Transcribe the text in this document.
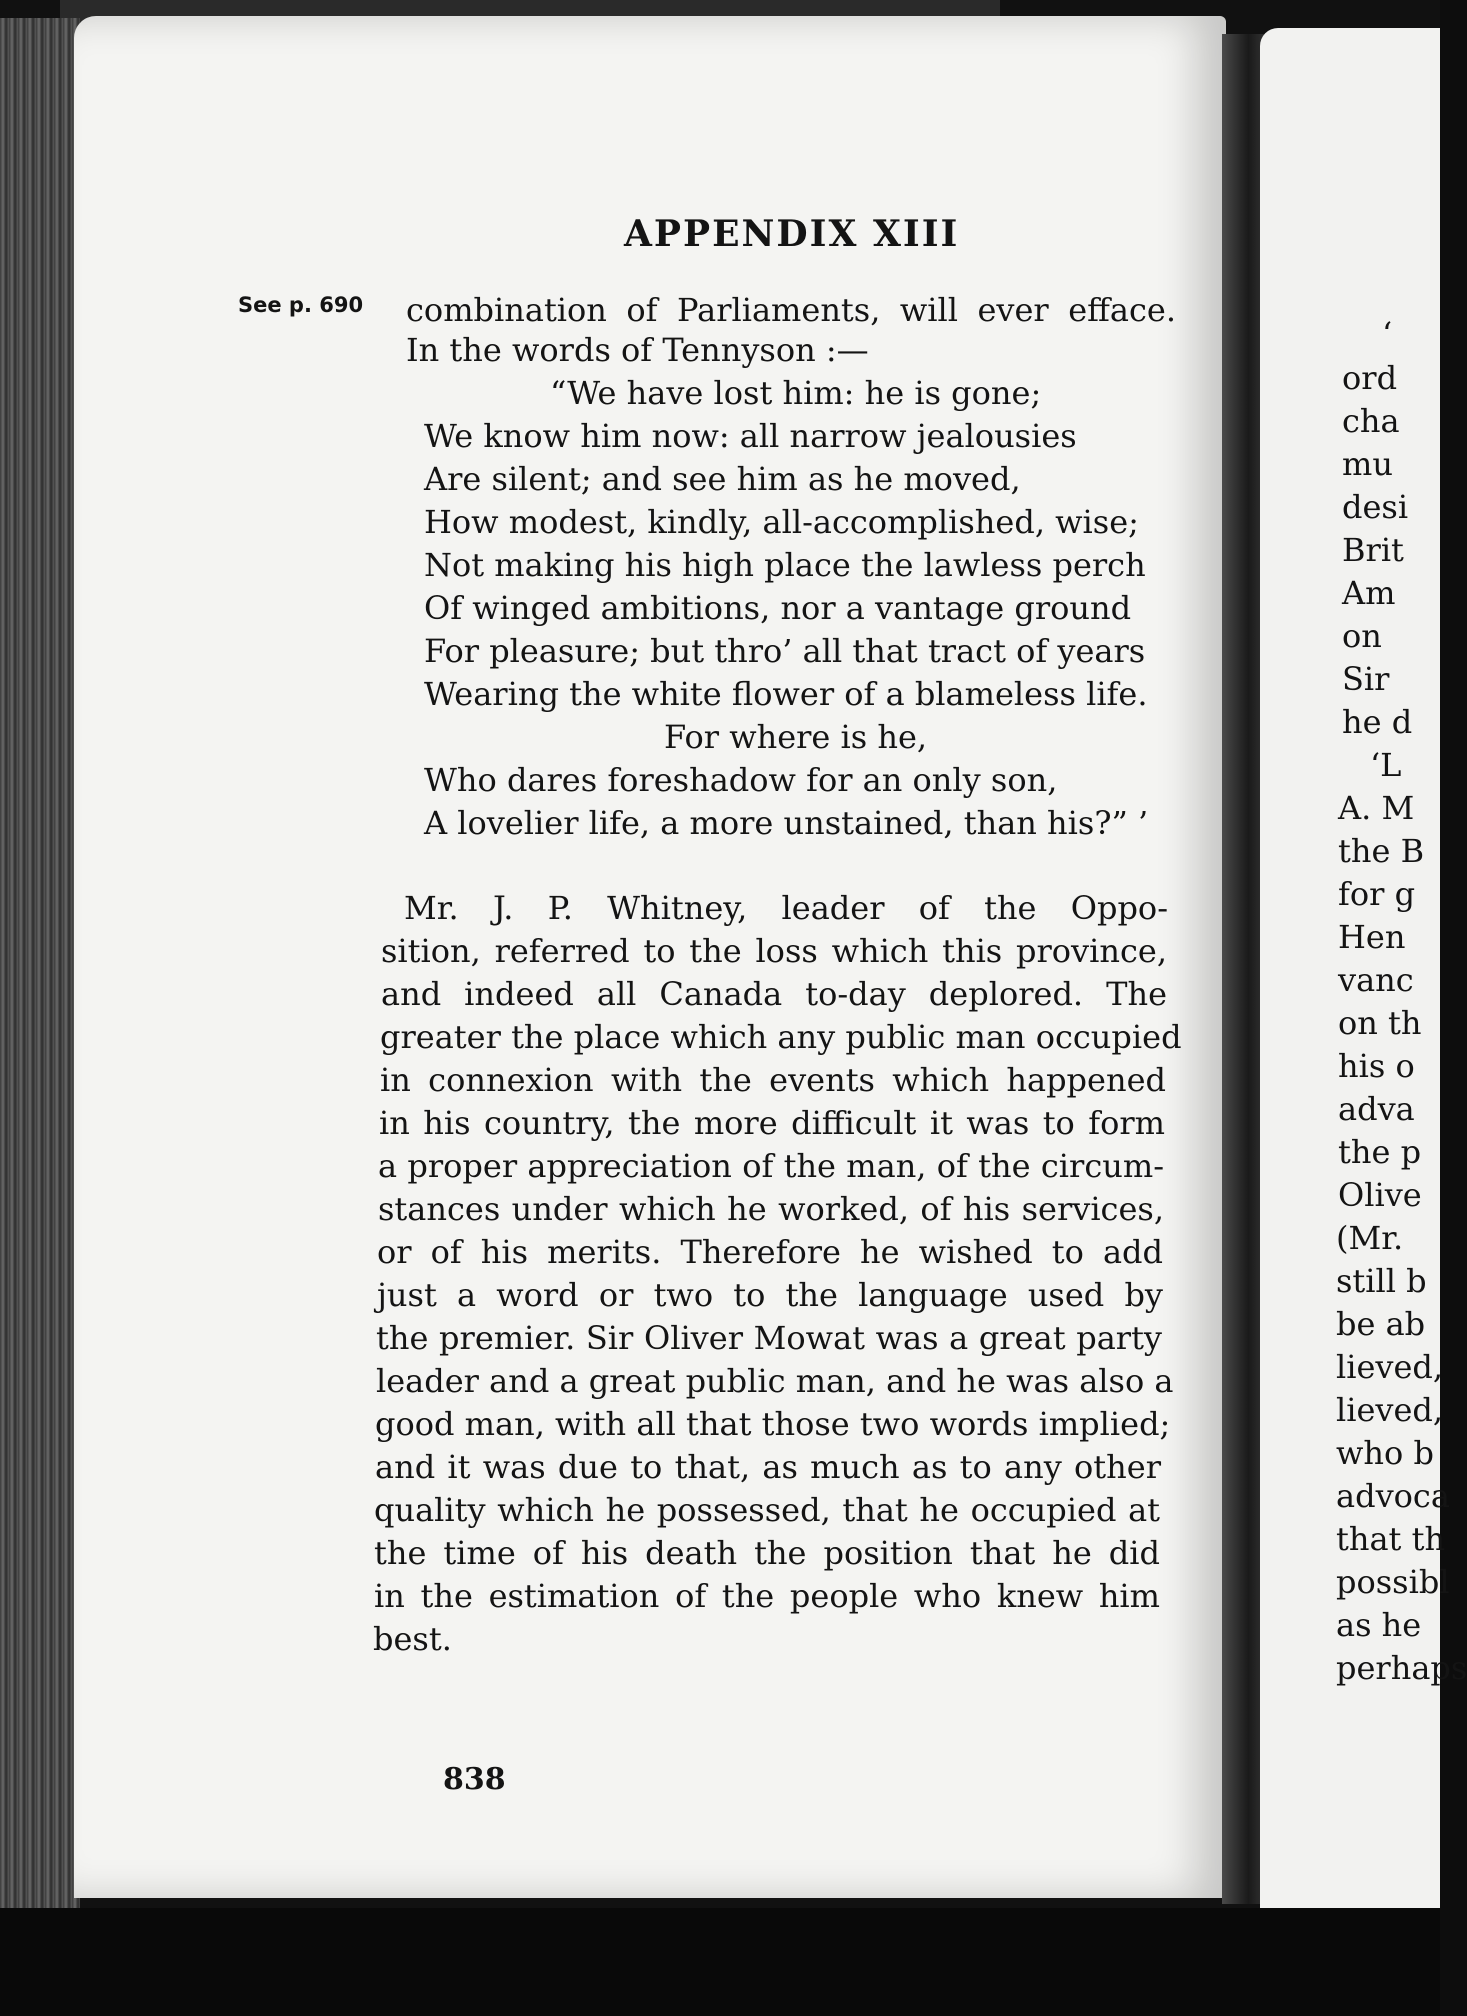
APPENDIX XIII
See p. 690 combination of Parliaments, will ever efface.
In the words of Tennyson :—
“We have lost him: he is gone;
We know him now: all narrow jealousies
Are silent; and see him as he moved,
How modest, kindly, all-accomplished, wise;
Not making his high place the lawless perch
Of winged ambitions, nor a vantage ground
For pleasure; but thro’ all that tract of years
Wearing the white flower of a blameless life.
For where is he,
Who dares foreshadow for an only son,
A lovelier life, a more unstained, than his?” ’
Mr. J. P. Whitney, leader of the Oppo-
sition, referred to the loss which this province,
and indeed all Canada to-day deplored. The
greater the place which any public man occupied
in connexion with the events which happened
in his country, the more difficult it was to form
a proper appreciation of the man, of the circum-
stances under which he worked, of his services,
or of his merits. Therefore he wished to add
just a word or two to the language used by
the premier. Sir Oliver Mowat was a great party
leader and a great public man, and he was also a
good man, with all that those two words implied;
and it was due to that, as much as to any other
quality which he possessed, that he occupied at
the time of his death the position that he did
in the estimation of the people who knew him
best.
838
‘
ord
cha
mu
desi
Brit
Am
on
Sir
he d
‘L
A. M
the B
for g
Hen
vanc
on th
his o
adva
the p
Olive
(Mr.
still b
be ab
lieved,
lieved,
who b
advoca
that th
possibl
as he
perhaps
